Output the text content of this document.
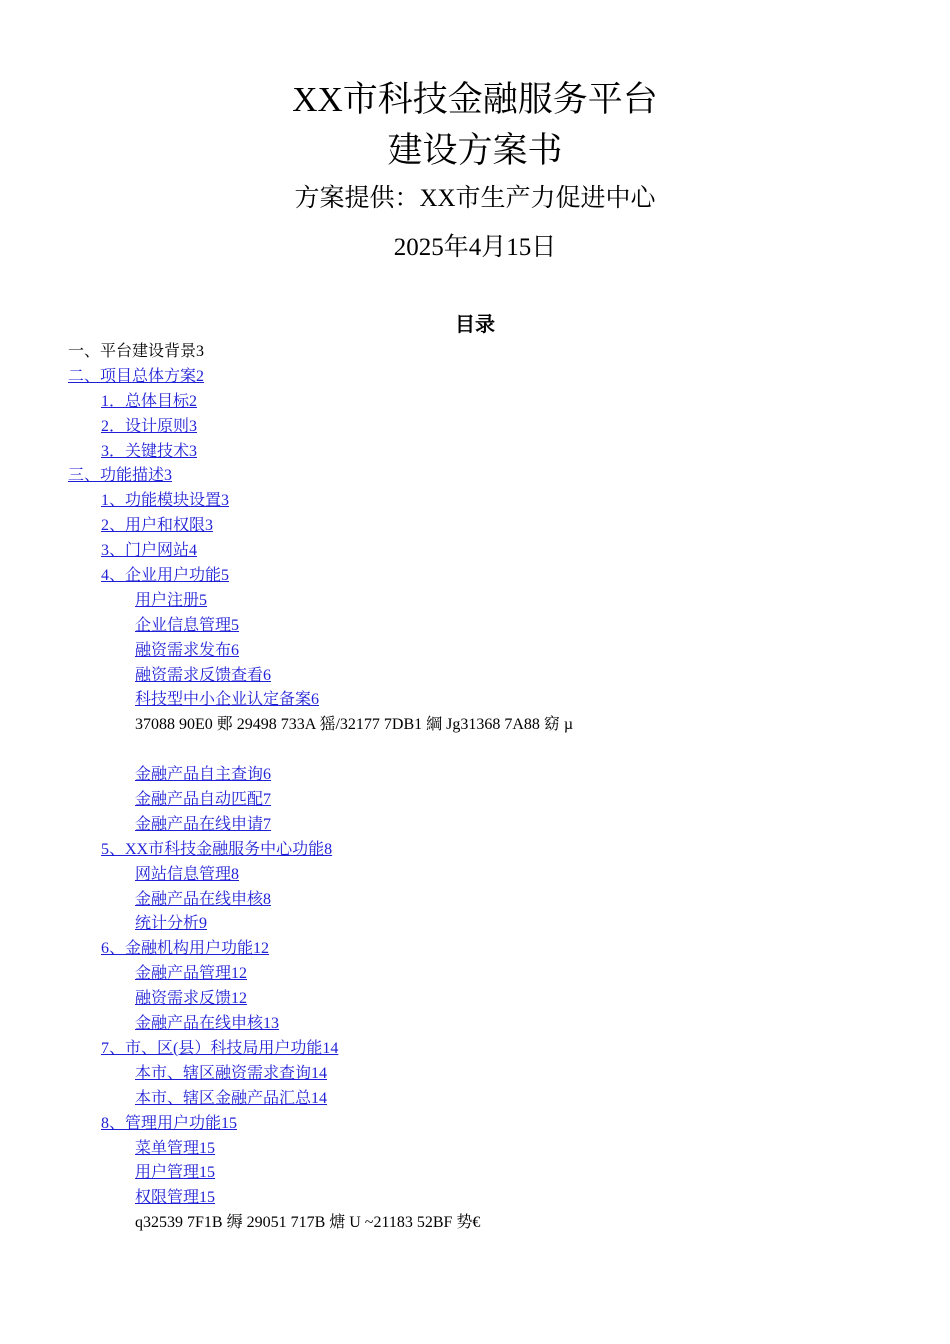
XX市科技金融服务平台
建设方案书
方案提供：XX市生产力促进中心
2025年4月15日
目录
一、平台建设背景3
二、项目总体方案2
1．总体目标2
2．设计原则3
3．关键技术3
三、功能描述3
1、功能模块设置3
2、用户和权限3
3、门户网站4
4、企业用户功能5
用户注册5
企业信息管理5
融资需求发布6
融资需求反馈查看6
科技型中小企业认定备案6
37088 90E0 郠 29498 733A 猺/32177 7DB1 綱 Jg31368 7A88 窈 µ
金融产品自主查询6
金融产品自动匹配7
金融产品在线申请7
5、XX市科技金融服务中心功能8
网站信息管理8
金融产品在线申核8
统计分析9
6、金融机构用户功能12
金融产品管理12
融资需求反馈12
金融产品在线申核13
7、市、区(县）科技局用户功能14
本市、辖区融资需求查询14
本市、辖区金融产品汇总14
8、管理用户功能15
菜单管理15
用户管理15
权限管理15
q32539 7F1B 缛 29051 717B 煻 U ~21183 52BF 势€
